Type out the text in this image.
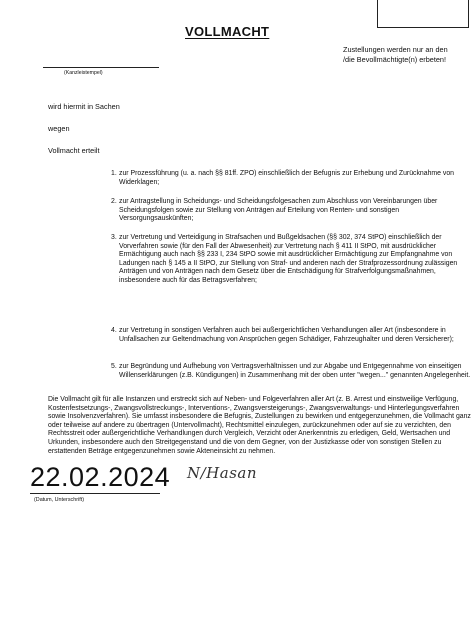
VOLLMACHT
Zustellungen werden nur an den
/die Bevollmächtigte(n) erbeten!
(Kanzleistempel)
wird hiermit in Sachen
wegen
Vollmacht erteilt
1. zur Prozessführung (u. a. nach §§ 81ff. ZPO) einschließlich der Befugnis zur Erhebung und Zurücknahme von Widerklagen;
2. zur Antragstellung in Scheidungs- und Scheidungsfolgesachen zum Abschluss von Vereinbarungen über Scheidungsfolgen sowie zur Stellung von Anträgen auf Erteilung von Renten- und sonstigen Versorgungsauskünften;
3. zur Vertretung und Verteidigung in Strafsachen und Bußgeldsachen (§§ 302, 374 StPO) einschließlich der Vorverfahren sowie (für den Fall der Abwesenheit) zur Vertretung nach § 411 II StPO, mit ausdrücklicher Ermächtigung auch nach §§ 233 I, 234 StPO sowie mit ausdrücklicher Ermächtigung zur Empfangnahme von Ladungen nach § 145 a II StPO, zur Stellung von Straf- und anderen nach der Strafprozessordnung zulässigen Anträgen und von Anträgen nach dem Gesetz über die Entschädigung für Strafverfolgungsmaßnahmen, insbesondere auch für das Betragsverfahren;
4. zur Vertretung in sonstigen Verfahren auch bei außergerichtlichen Verhandlungen aller Art (insbesondere in Unfallsachen zur Geltendmachung von Ansprüchen gegen Schädiger, Fahrzeughalter und deren Versicherer);
5. zur Begründung und Aufhebung von Vertragsverhältnissen und zur Abgabe und Entgegennahme von einseitigen Willenserklärungen (z.B. Kündigungen) in Zusammenhang mit der oben unter "wegen..." genannten Angelegenheit.
Die Vollmacht gilt für alle Instanzen und erstreckt sich auf Neben- und Folgeverfahren aller Art (z. B. Arrest und einstweilige Verfügung, Kostenfestsetzungs-, Zwangsvollstreckungs-, Interventions-, Zwangsversteigerungs-, Zwangsverwaltungs- und Hinterlegungsverfahren sowie Insolvenzverfahren). Sie umfasst insbesondere die Befugnis, Zustellungen zu bewirken und entgegenzunehmen, die Vollmacht ganz oder teilweise auf andere zu übertragen (Untervollmacht), Rechtsmittel einzulegen, zurückzunehmen oder auf sie zu verzichten, den Rechtsstreit oder außergerichtliche Verhandlungen durch Vergleich, Verzicht oder Anerkenntnis zu erledigen, Geld, Wertsachen und Urkunden, insbesondere auch den Streitgegenstand und die von dem Gegner, von der Justizkasse oder von sonstigen Stellen zu erstattenden Beträge entgegenzunehmen sowie Akteneinsicht zu nehmen.
22.02.2024 N/Hasan
(Datum, Unterschrift)
